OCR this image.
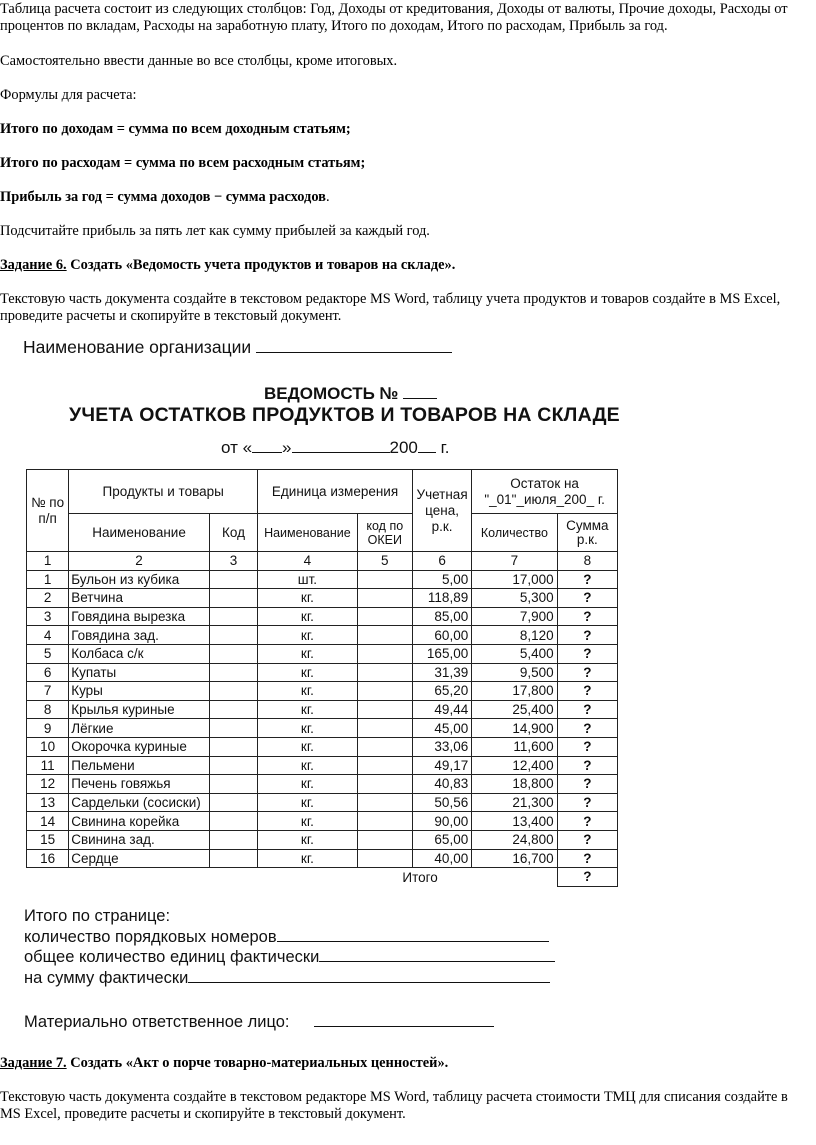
Таблица расчета состоит из следующих столбцов: Год, Доходы от кредитования, Доходы от валюты, Прочие доходы, Расходы от

процентов по вкладам, Расходы на заработную плату, Итого по доходам, Итого по расходам, Прибыль за год.

Самостоятельно ввести данные во все столбцы, кроме итоговых.

Формулы для расчета:

Итого по доходам = сумма по всем доходным статьям;

Итого по расходам = сумма по всем расходным статьям;

Прибыль за год = сумма доходов − сумма расходов.

Подсчитайте прибыль за пять лет как сумму прибылей за каждый год.

Задание 6. Создать «Ведомость учета продуктов и товаров на складе».

Текстовую часть документа создайте в текстовом редакторе MS Word, таблицу учета продуктов и товаров создайте в MS Excel,

проведите расчеты и скопируйте в текстовый документ.

Наименование организации
ВЕДОМОСТЬ №
УЧЕТА ОСТАТКОВ ПРОДУКТОВ И ТОВАРОВ НА СКЛАДЕ
от « »	200 г.
№ по п/п	Продукты и товары		Единица измерения		Учетная цена, р.к.	Остаток на "_01"_июля_200_ г.	
	Наименование	Код	Наименование	код по ОКЕИ		Количество	Сумма р.к.
1	2	3	4	5	6	7	8
1	Бульон из кубика		шт.		5,00	17,000	?
2	Ветчина		кг.		118,89	5,300	?
3	Говядина вырезка		кг.		85,00	7,900	?
4	Говядина зад.		кг.		60,00	8,120	?
5	Колбаса с/к		кг.		165,00	5,400	?
6	Купаты		кг.		31,39	9,500	?
7	Куры		кг.		65,20	17,800	?
8	Крылья куриные		кг.		49,44	25,400	?
9	Лёгкие		кг.		45,00	14,900	?
10	Окорочка куриные		кг.		33,06	11,600	?
11	Пельмени		кг.		49,17	12,400	?
12	Печень говяжья		кг.		40,83	18,800	?
13	Сардельки (сосиски)		кг.		50,56	21,300	?
14	Свинина корейка		кг.		90,00	13,400	?
15	Свинина зад.		кг.		65,00	24,800	?
16	Сердце		кг.		40,00	16,700	?
					Итого		?
Итого по странице:
количество порядковых номеров
общее количество единиц фактически
на сумму фактически
Материально ответственное лицо:

Задание 7. Создать «Акт о порче товарно-материальных ценностей».

Текстовую часть документа создайте в текстовом редакторе MS Word, таблицу расчета стоимости ТМЦ для списания создайте в

MS Excel, проведите расчеты и скопируйте в текстовый документ.
